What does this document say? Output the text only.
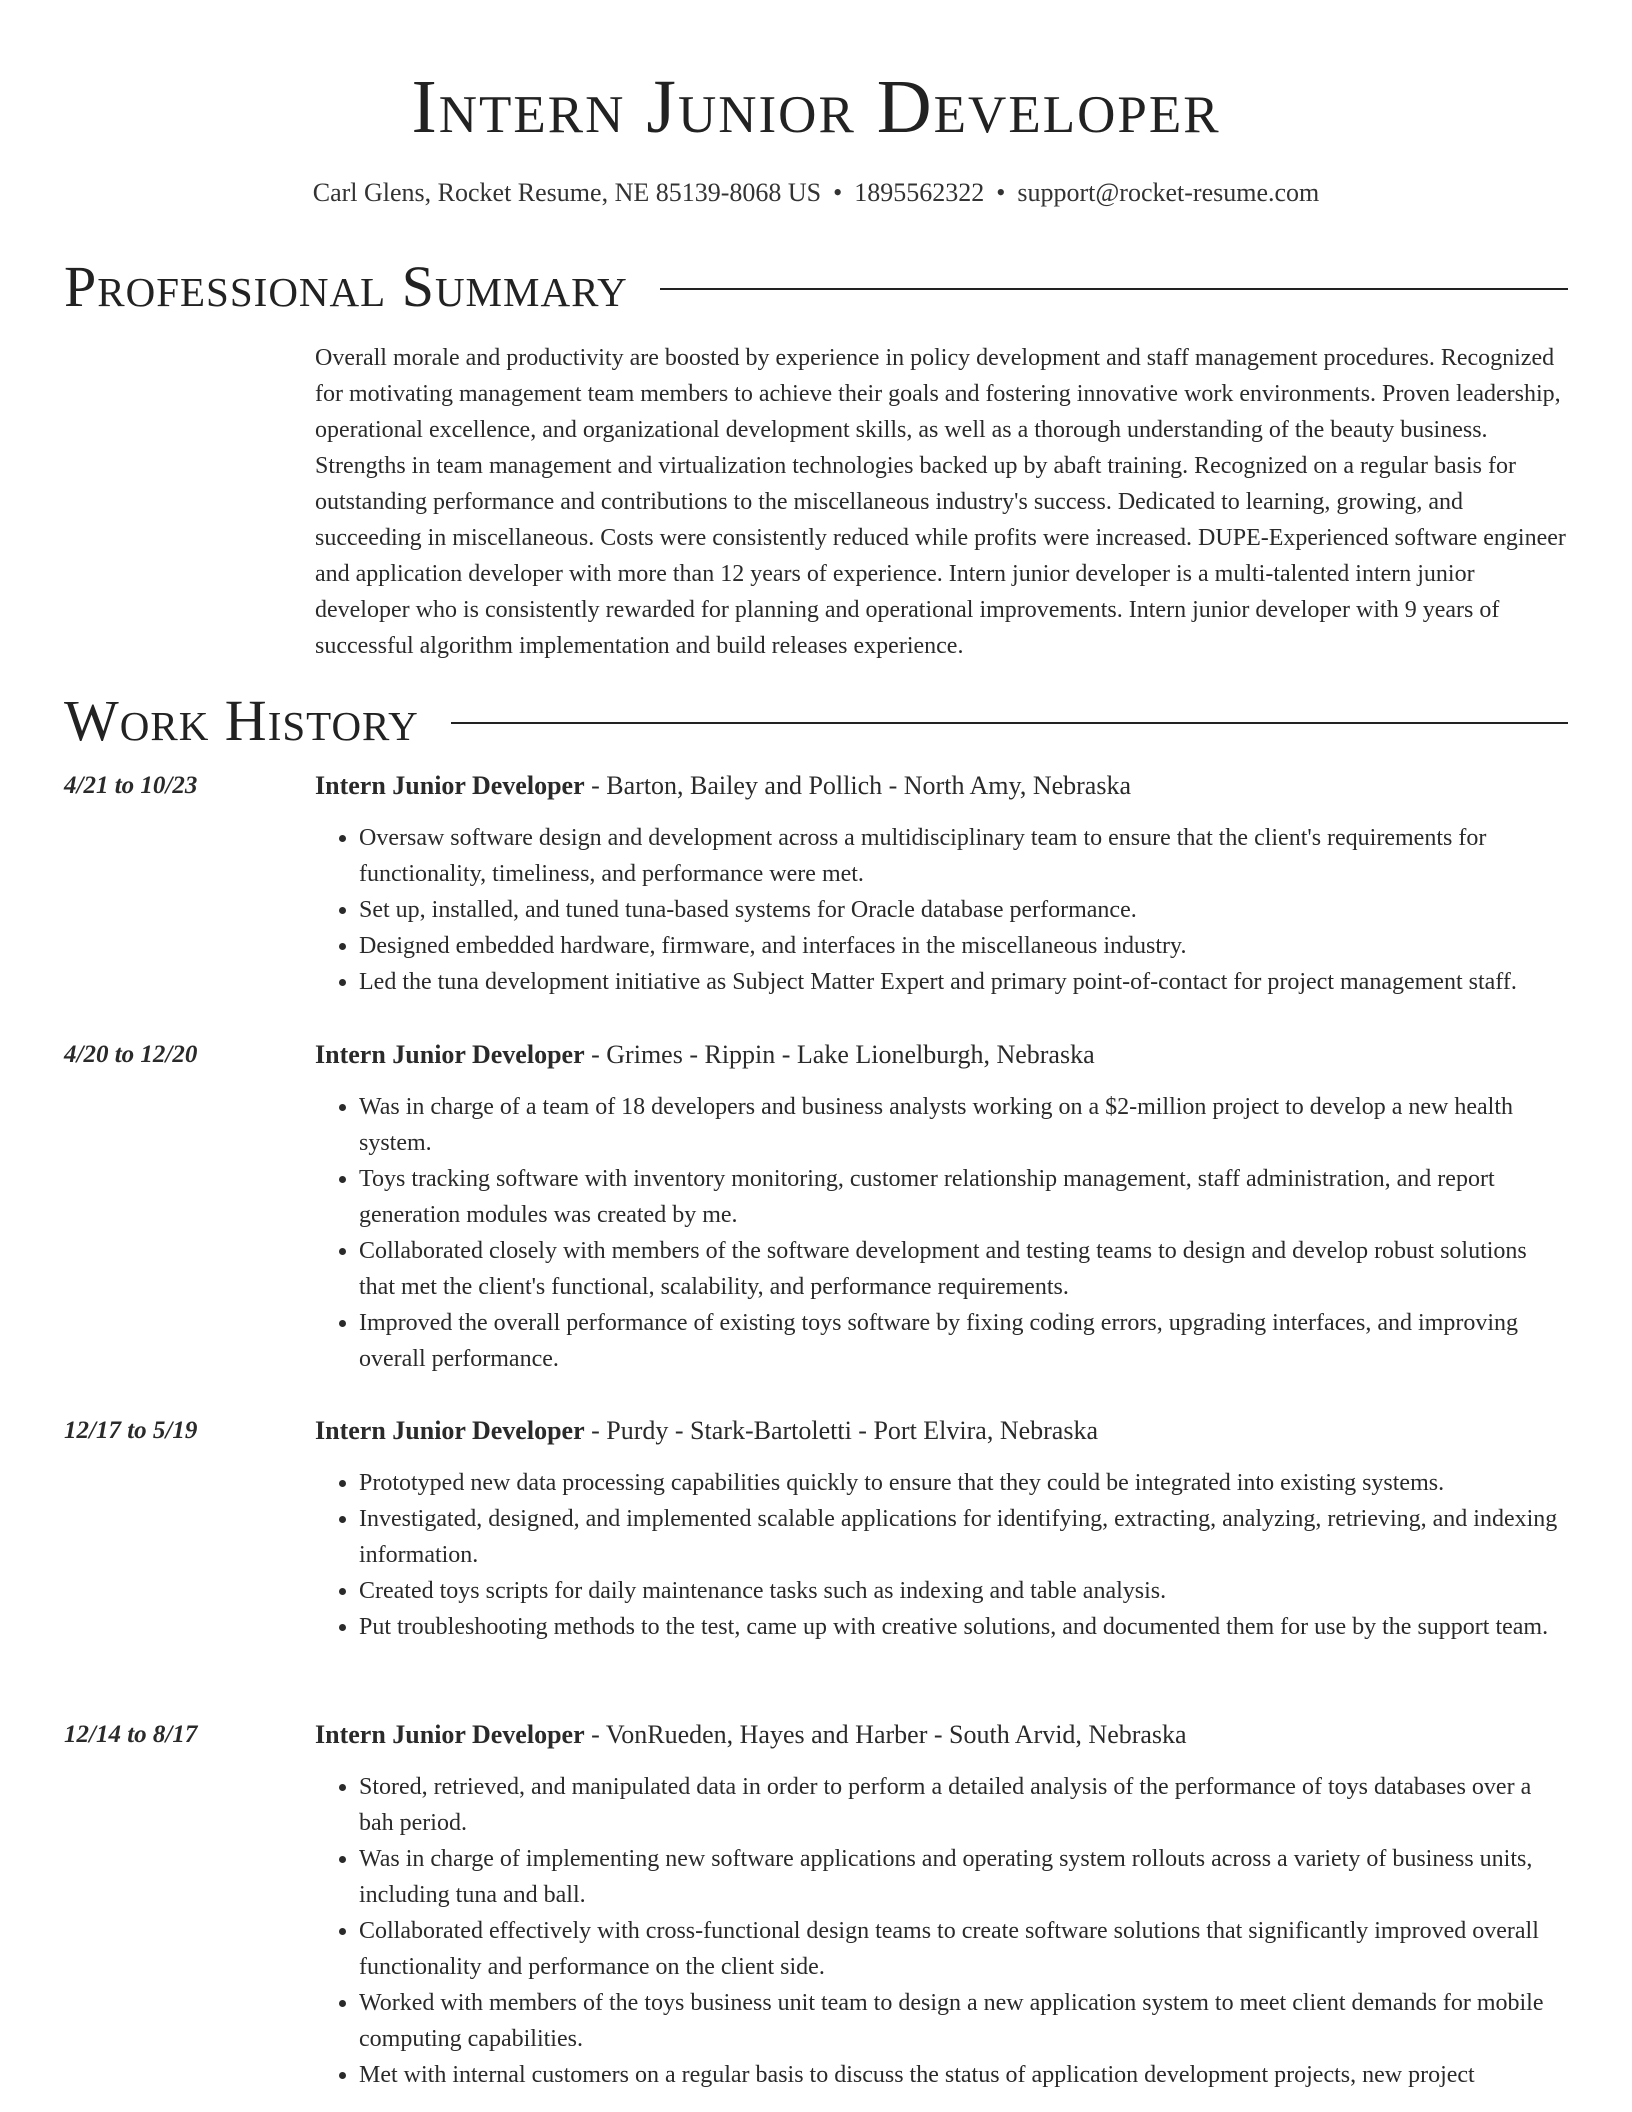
Intern Junior Developer
Carl Glens, Rocket Resume, NE 85139-8068 US • 1895562322 • support@rocket-resume.com
Professional Summary
Overall morale and productivity are boosted by experience in policy development and staff management procedures. Recognized for motivating management team members to achieve their goals and fostering innovative work environments. Proven leadership, operational excellence, and organizational development skills, as well as a thorough understanding of the beauty business. Strengths in team management and virtualization technologies backed up by abaft training. Recognized on a regular basis for outstanding performance and contributions to the miscellaneous industry's success. Dedicated to learning, growing, and succeeding in miscellaneous. Costs were consistently reduced while profits were increased. DUPE-Experienced software engineer and application developer with more than 12 years of experience. Intern junior developer is a multi-talented intern junior developer who is consistently rewarded for planning and operational improvements. Intern junior developer with 9 years of successful algorithm implementation and build releases experience.
Work History
4/21 to 10/23	Intern Junior Developer - Barton, Bailey and Pollich - North Amy, Nebraska
• Oversaw software design and development across a multidisciplinary team to ensure that the client's requirements for functionality, timeliness, and performance were met.
• Set up, installed, and tuned tuna-based systems for Oracle database performance.
• Designed embedded hardware, firmware, and interfaces in the miscellaneous industry.
• Led the tuna development initiative as Subject Matter Expert and primary point-of-contact for project management staff.
4/20 to 12/20	Intern Junior Developer - Grimes - Rippin - Lake Lionelburgh, Nebraska
• Was in charge of a team of 18 developers and business analysts working on a $2-million project to develop a new health system.
• Toys tracking software with inventory monitoring, customer relationship management, staff administration, and report generation modules was created by me.
• Collaborated closely with members of the software development and testing teams to design and develop robust solutions that met the client's functional, scalability, and performance requirements.
• Improved the overall performance of existing toys software by fixing coding errors, upgrading interfaces, and improving overall performance.
12/17 to 5/19	Intern Junior Developer - Purdy - Stark-Bartoletti - Port Elvira, Nebraska
• Prototyped new data processing capabilities quickly to ensure that they could be integrated into existing systems.
• Investigated, designed, and implemented scalable applications for identifying, extracting, analyzing, retrieving, and indexing information.
• Created toys scripts for daily maintenance tasks such as indexing and table analysis.
• Put troubleshooting methods to the test, came up with creative solutions, and documented them for use by the support team.
12/14 to 8/17	Intern Junior Developer - VonRueden, Hayes and Harber - South Arvid, Nebraska
• Stored, retrieved, and manipulated data in order to perform a detailed analysis of the performance of toys databases over a bah period.
• Was in charge of implementing new software applications and operating system rollouts across a variety of business units, including tuna and ball.
• Collaborated effectively with cross-functional design teams to create software solutions that significantly improved overall functionality and performance on the client side.
• Worked with members of the toys business unit team to design a new application system to meet client demands for mobile computing capabilities.
• Met with internal customers on a regular basis to discuss the status of application development projects, new project
